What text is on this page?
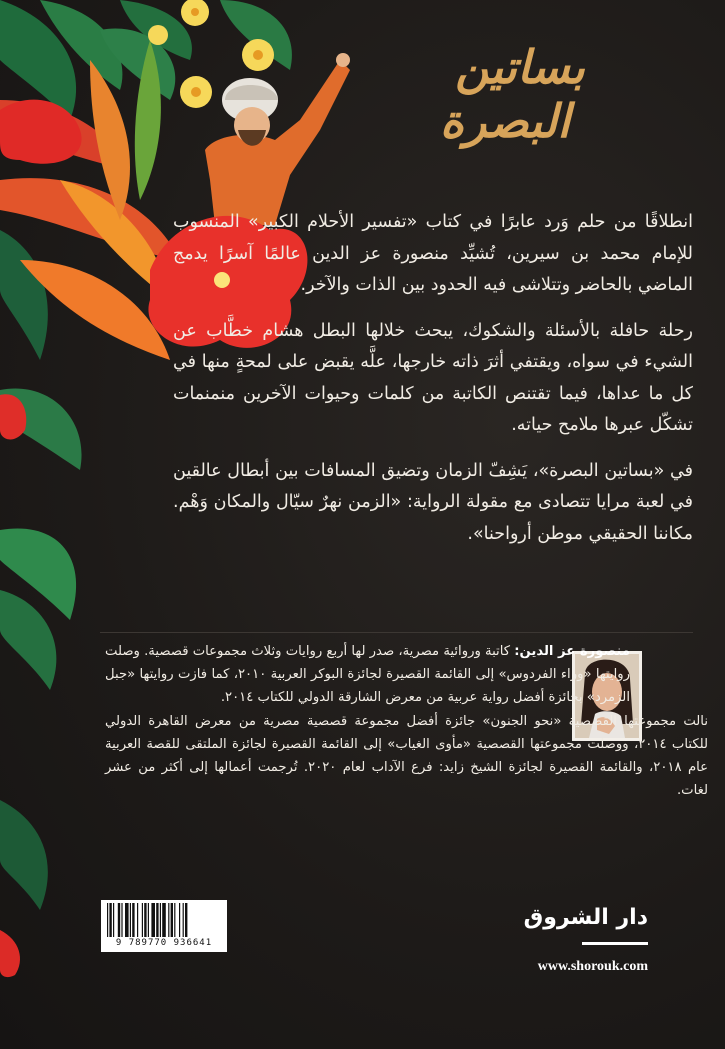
بساتين
البصرة

انطلاقًا من حلم وَرد عابرًا في كتاب «تفسير الأحلام الكبير» المنسوب للإمام محمد بن سيرين، تُشيِّد منصورة عز الدين عالمًا آسرًا يدمج الماضي بالحاضر وتتلاشى فيه الحدود بين الذات والآخر.

رحلة حافلة بالأسئلة والشكوك، يبحث خلالها البطل هشام خطَّاب عن الشيء في سواه، ويقتفي أثرَ ذاته خارجها، علَّه يقبض على لمحةٍ منها في كل ما عداها، فيما تقتنص الكاتبة من كلمات وحيوات الآخرين منمنمات تشكّل عبرها ملامح حياته.

في «بساتين البصرة»، يَشِفّ الزمان وتضيق المسافات بين أبطال عالقين في لعبة مرايا تتصادى مع مقولة الرواية: «الزمن نهرٌ سيّال والمكان وَهْم. مكاننا الحقيقي موطن أرواحنا».

منصورة عز الدين: كاتبة وروائية مصرية، صدر لها أربع روايات وثلاث مجموعات قصصية. وصلت روايتها «وراء الفردوس» إلى القائمة القصيرة لجائزة البوكر العربية ٢٠١٠، كما فازت روايتها «جبل الزمرد» بجائزة أفضل رواية عربية من معرض الشارقة الدولي للكتاب ٢٠١٤.
نالت مجموعتها القصصية «نحو الجنون» جائزة أفضل مجموعة قصصية مصرية من معرض القاهرة الدولي للكتاب ٢٠١٤، ووصلت مجموعتها القصصية «مأوى الغياب» إلى القائمة القصيرة لجائزة الملتقى للقصة العربية عام ٢٠١٨، والقائمة القصيرة لجائزة الشيخ زايد: فرع الآداب لعام ٢٠٢٠. تُرجمت أعمالها إلى أكثر من عشر لغات.
9 789770 936641
دار الشروق
www.shorouk.com
